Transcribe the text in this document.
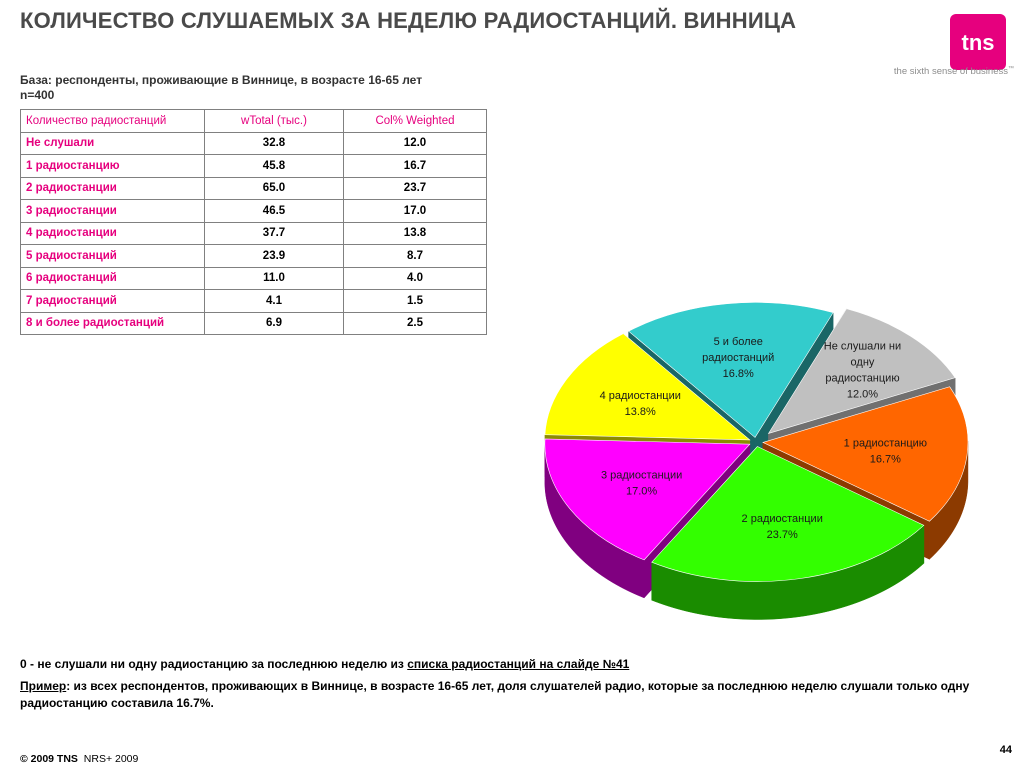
КОЛИЧЕСТВО СЛУШАЕМЫХ ЗА НЕДЕЛЮ РАДИОСТАНЦИЙ. ВИННИЦА
tns
the sixth sense of business™
База: респонденты, проживающие в Виннице, в возрасте 16-65 лет
n=400
Количество радиостанций	wTotal (тыс.)	Col% Weighted
Не слушали	32.8	12.0
1 радиостанцию	45.8	16.7
2 радиостанции	65.0	23.7
3 радиостанции	46.5	17.0
4 радиостанции	37.7	13.8
5 радиостанций	23.9	8.7
6 радиостанций	11.0	4.0
7 радиостанций	4.1	1.5
8 и более радиостанций	6.9	2.5
Не слушали ни одну радиостанцию 12.0%
1 радиостанцию 16.7%
2 радиостанции 23.7%
3 радиостанции 17.0%
4 радиостанции 13.8%
5 и более радиостанций 16.8%

0 - не слушали ни одну радиостанцию за последнюю неделю из списка радиостанций на слайде №41

Пример: из всех респондентов, проживающих в Виннице, в возрасте 16-65 лет, доля слушателей радио, которые за последнюю неделю слушали только одну радиостанцию составила 16.7%.

© 2009 TNS NRS+ 2009
44
